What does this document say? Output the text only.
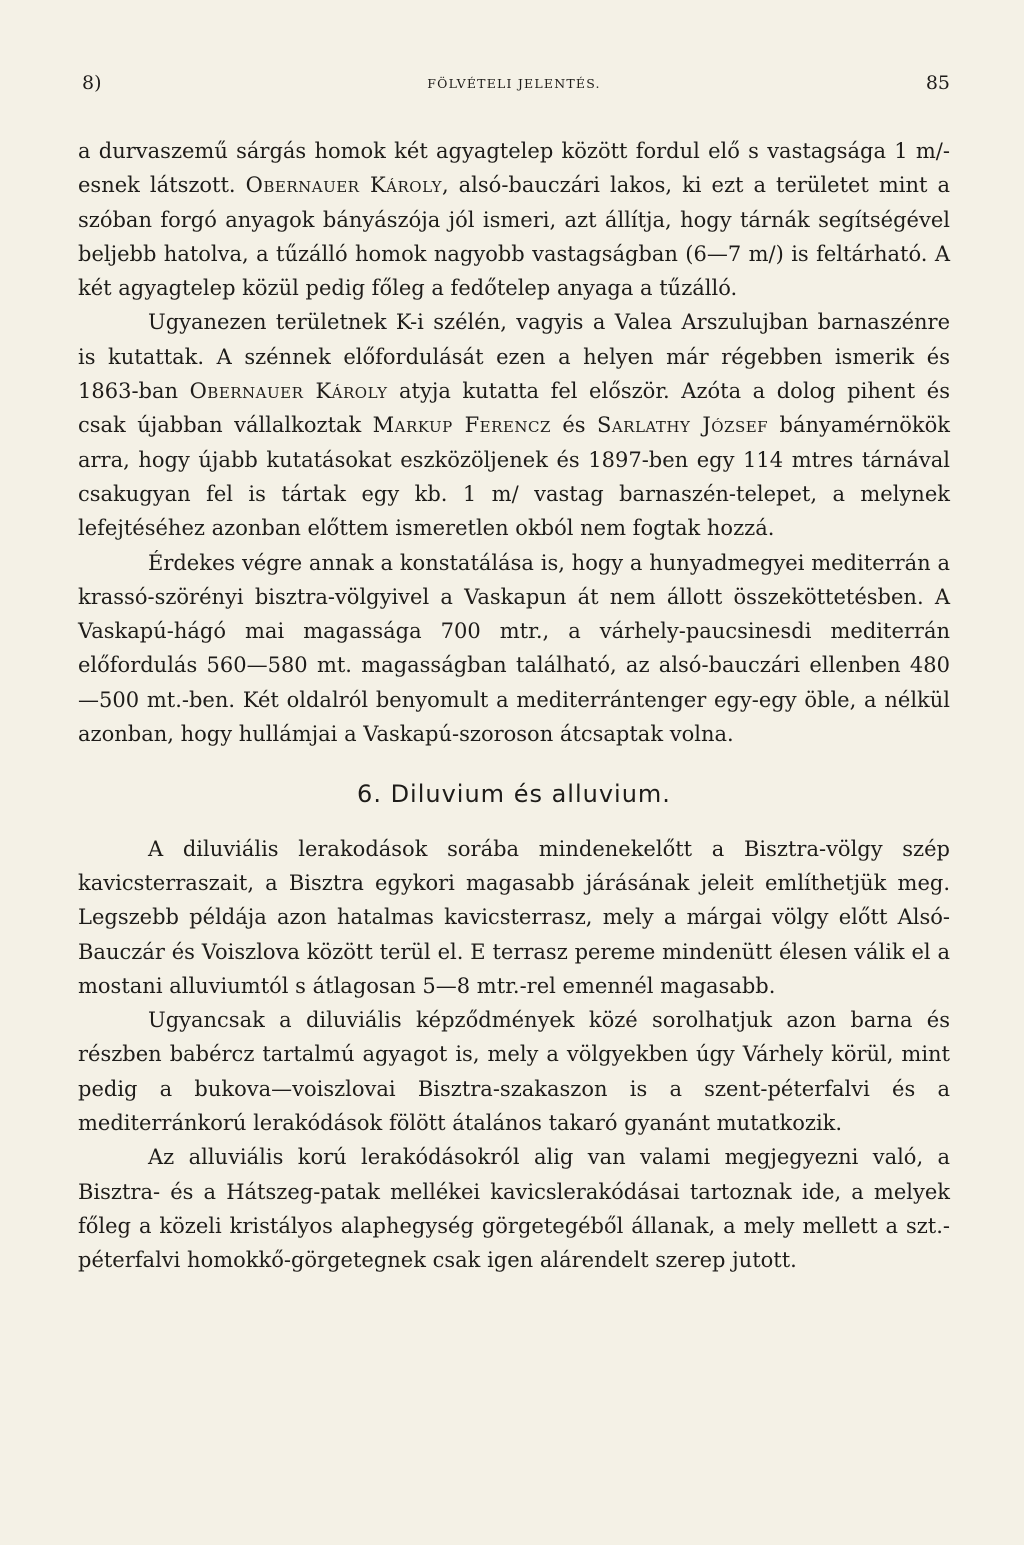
8)	FÖLVÉTELI JELENTÉS.	85

a durvaszemű sárgás homok két agyagtelep között fordul elő s vastagsága 1 m/-esnek látszott. Obernauer Károly, alsó-bauczári lakos, ki ezt a területet mint a szóban forgó anyagok bányászója jól ismeri, azt állítja, hogy tárnák segítségével beljebb hatolva, a tűzálló homok nagyobb vastagságban (6—7 m/) is feltárható. A két agyagtelep közül pedig főleg a fedőtelep anyaga a tűzálló.

Ugyanezen területnek K-i szélén, vagyis a Valea Arszulujban barnaszénre is kutattak. A szénnek előfordulását ezen a helyen már régebben ismerik és 1863-ban Obernauer Károly atyja kutatta fel először. Azóta a dolog pihent és csak újabban vállalkoztak Markup Ferencz és Sarlathy József bányamérnökök arra, hogy újabb kutatásokat eszközöljenek és 1897-ben egy 114 mtres tárnával csakugyan fel is tártak egy kb. 1 m/ vastag barnaszén-telepet, a melynek lefejtéséhez azonban előttem ismeretlen okból nem fogtak hozzá.

Érdekes végre annak a konstatálása is, hogy a hunyadmegyei mediterrán a krassó-szörényi bisztra-völgyivel a Vaskapun át nem állott összeköttetésben. A Vaskapú-hágó mai magassága 700 mtr., a várhely-paucsinesdi mediterrán előfordulás 560—580 mt. magasságban található, az alsó-bauczári ellenben 480—500 mt.-ben. Két oldalról benyomult a mediterrántenger egy-egy öble, a nélkül azonban, hogy hullámjai a Vaskapú-szoroson átcsaptak volna.

6. Diluvium és alluvium.

A diluviális lerakodások sorába mindenekelőtt a Bisztra-völgy szép kavicsterraszait, a Bisztra egykori magasabb járásának jeleit említhetjük meg. Legszebb példája azon hatalmas kavicsterrasz, mely a márgai völgy előtt Alsó-Bauczár és Voiszlova között terül el. E terrasz pereme mindenütt élesen válik el a mostani alluviumtól s átlagosan 5—8 mtr.-rel emennél magasabb.

Ugyancsak a diluviális képződmények közé sorolhatjuk azon barna és részben babércz tartalmú agyagot is, mely a völgyekben úgy Várhely körül, mint pedig a bukova—voiszlovai Bisztra-szakaszon is a szent-péterfalvi és a mediterránkorú lerakódások fölött átalános takaró gyanánt mutatkozik.

Az alluviális korú lerakódásokról alig van valami megjegyezni való, a Bisztra- és a Hátszeg-patak mellékei kavicslerakódásai tartoznak ide, a melyek főleg a közeli kristályos alaphegység görgetegéből állanak, a mely mellett a szt.-péterfalvi homokkő-görgetegnek csak igen alárendelt szerep jutott.
